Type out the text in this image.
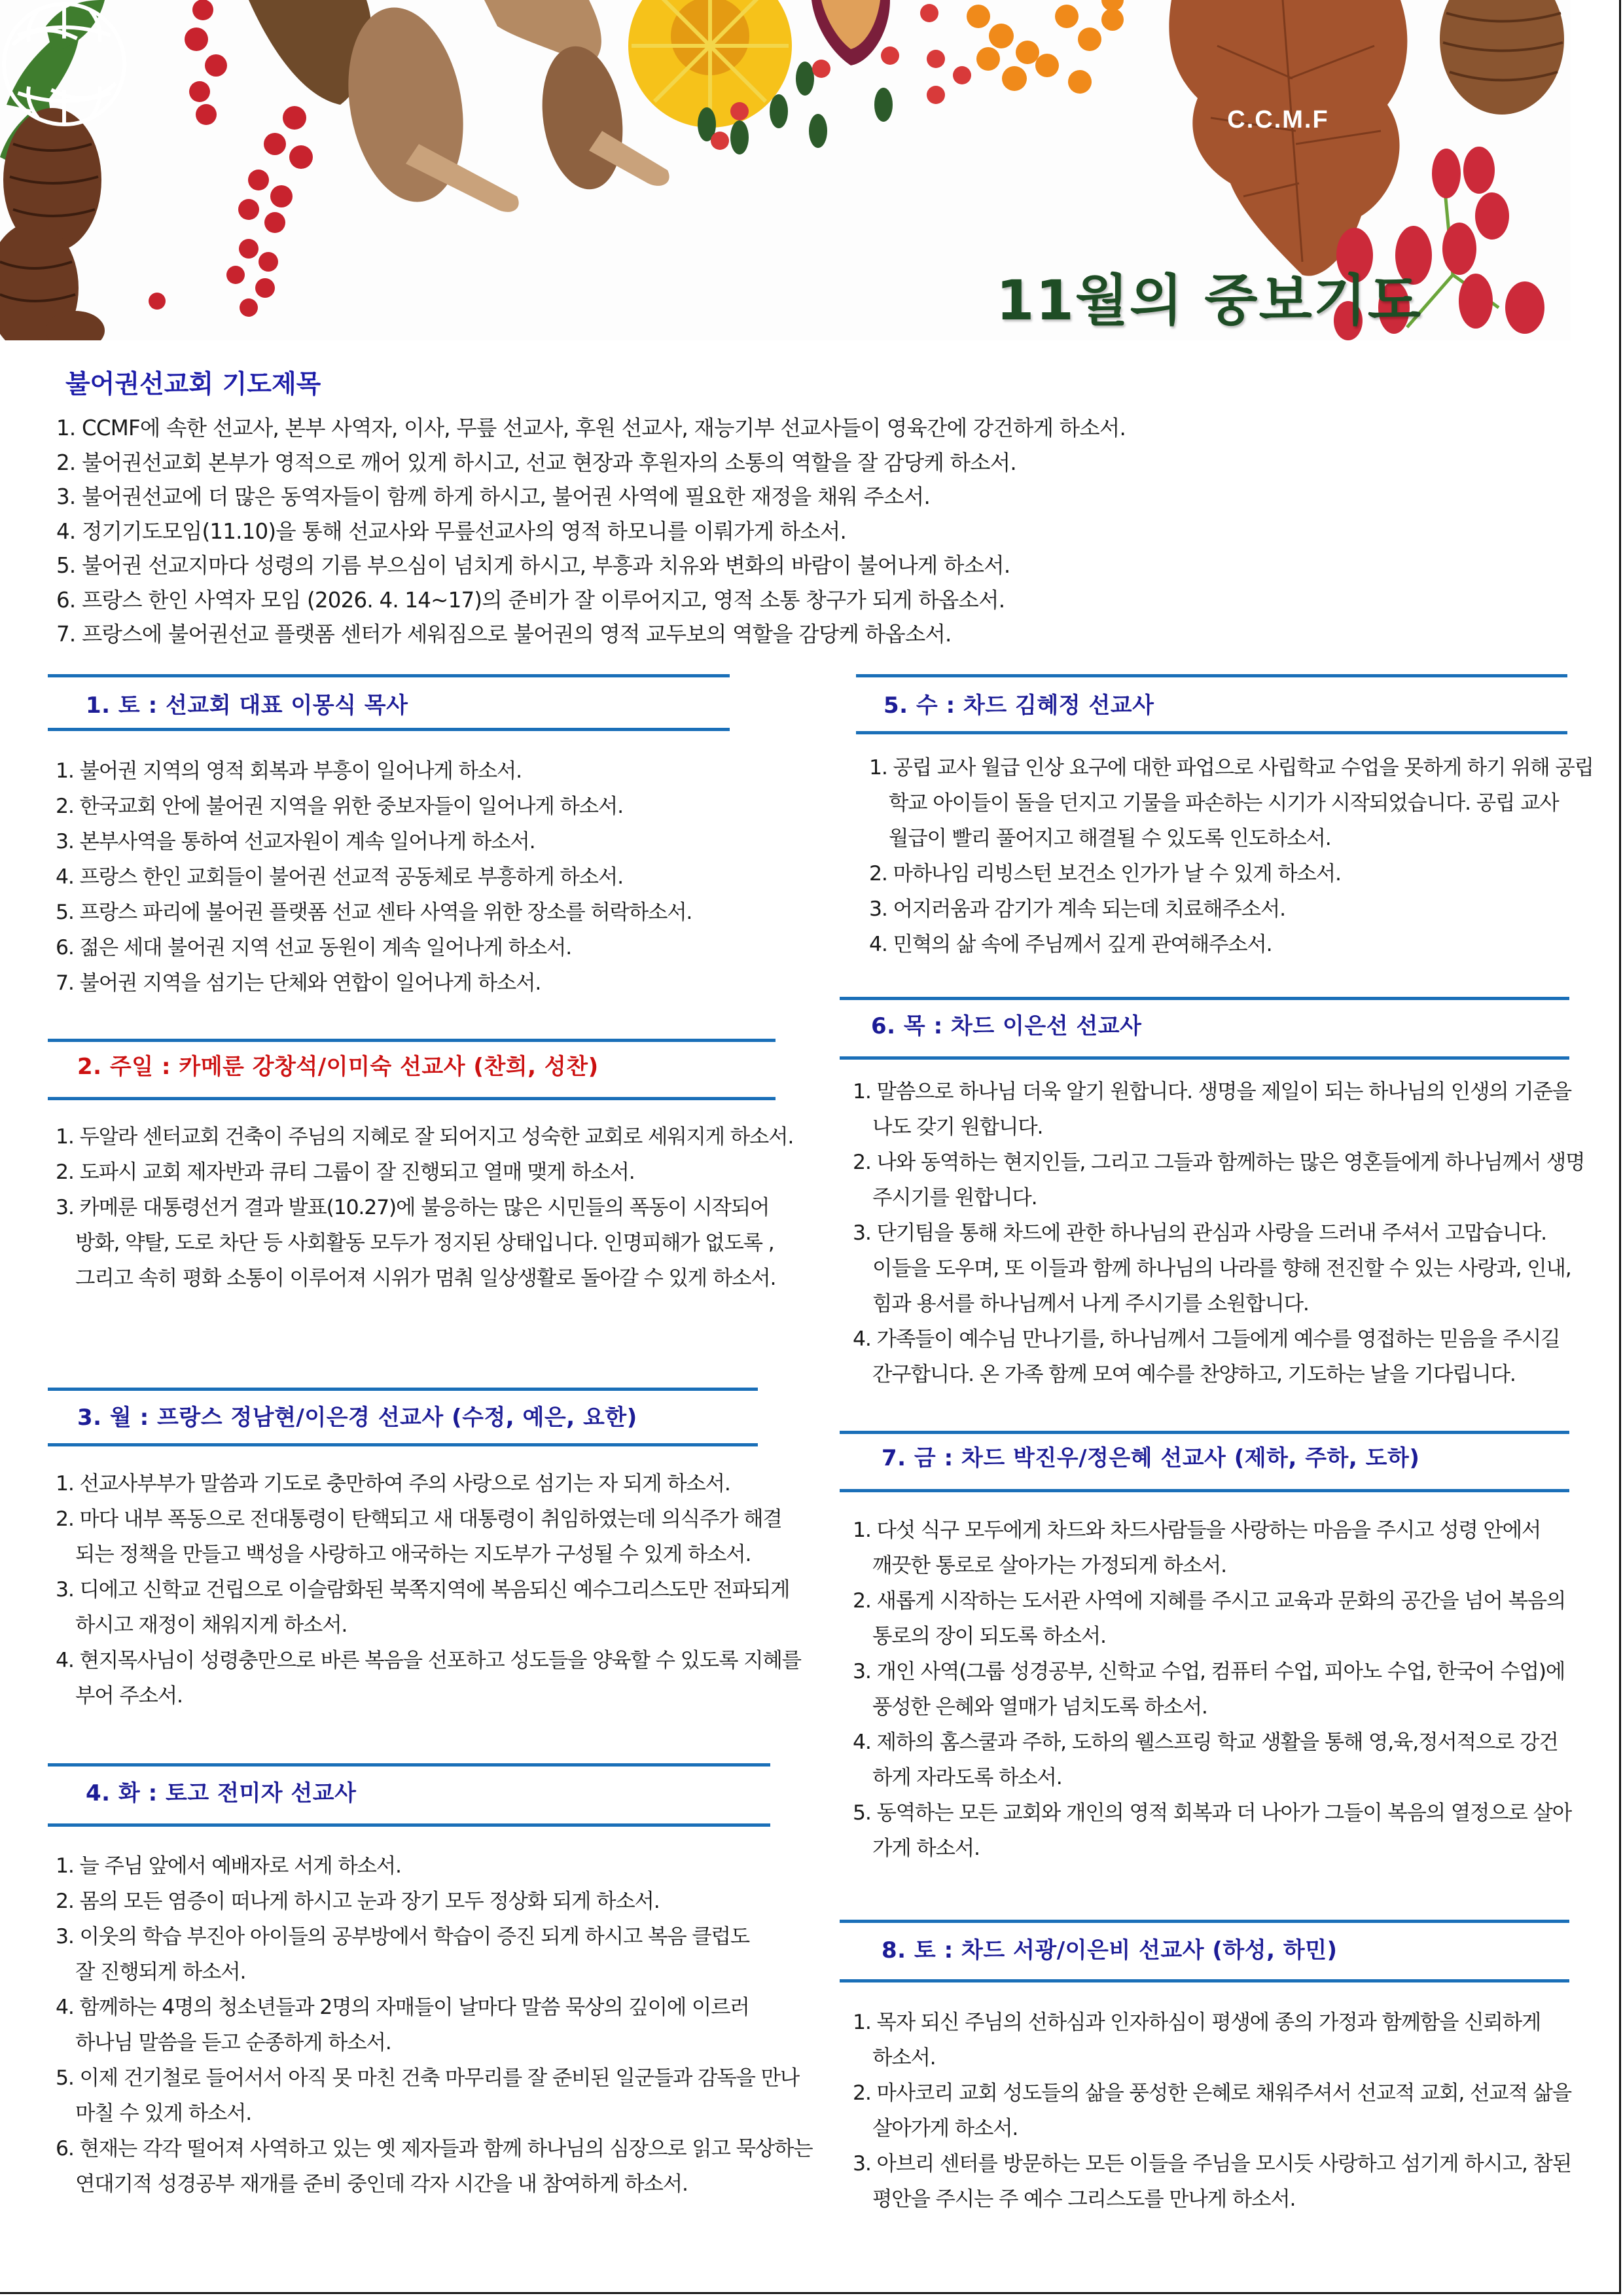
C.C.M.F
11월의 중보기도
불어권선교회 기도제목
1. CCMF에 속한 선교사, 본부 사역자, 이사, 무릎 선교사, 후원 선교사, 재능기부 선교사들이 영육간에 강건하게 하소서.
2. 불어권선교회 본부가 영적으로 깨어 있게 하시고, 선교 현장과 후원자의 소통의 역할을 잘 감당케 하소서.
3. 불어권선교에 더 많은 동역자들이 함께 하게 하시고, 불어권 사역에 필요한 재정을 채워 주소서.
4. 정기기도모임(11.10)을 통해 선교사와 무릎선교사의 영적 하모니를 이뤄가게 하소서.
5. 불어권 선교지마다 성령의 기름 부으심이 넘치게 하시고, 부흥과 치유와 변화의 바람이 불어나게 하소서.
6. 프랑스 한인 사역자 모임 (2026. 4. 14~17)의 준비가 잘 이루어지고, 영적 소통 창구가 되게 하옵소서.
7. 프랑스에 불어권선교 플랫폼 센터가 세워짐으로 불어권의 영적 교두보의 역할을 감당케 하옵소서.
1. 토 : 선교회 대표 이몽식 목사
1. 불어권 지역의 영적 회복과 부흥이 일어나게 하소서.
2. 한국교회 안에 불어권 지역을 위한 중보자들이 일어나게 하소서.
3. 본부사역을 통하여 선교자원이 계속 일어나게 하소서.
4. 프랑스 한인 교회들이 불어권 선교적 공동체로 부흥하게 하소서.
5. 프랑스 파리에 불어권 플랫폼 선교 센타 사역을 위한 장소를 허락하소서.
6. 젊은 세대 불어권 지역 선교 동원이 계속 일어나게 하소서.
7. 불어권 지역을 섬기는 단체와 연합이 일어나게 하소서.
2. 주일 : 카메룬 강창석/이미숙 선교사 (찬희, 성찬)
1. 두알라 센터교회 건축이 주님의 지혜로 잘 되어지고 성숙한 교회로 세워지게 하소서.
2. 도파시 교회 제자반과 큐티 그룹이 잘 진행되고 열매 맺게 하소서.
3. 카메룬 대통령선거 결과 발표(10.27)에 불응하는 많은 시민들의 폭동이 시작되어
방화, 약탈, 도로 차단 등 사회활동 모두가 정지된 상태입니다. 인명피해가 없도록 ,
그리고 속히 평화 소통이 이루어져 시위가 멈춰 일상생활로 돌아갈 수 있게 하소서.
3. 월 : 프랑스 정남현/이은경 선교사 (수정, 예은, 요한)
1. 선교사부부가 말씀과 기도로 충만하여 주의 사랑으로 섬기는 자 되게 하소서.
2. 마다 내부 폭동으로 전대통령이 탄핵되고 새 대통령이 취임하였는데 의식주가 해결
되는 정책을 만들고 백성을 사랑하고 애국하는 지도부가 구성될 수 있게 하소서.
3. 디에고 신학교 건립으로 이슬람화된 북쪽지역에 복음되신 예수그리스도만 전파되게
하시고 재정이 채워지게 하소서.
4. 현지목사님이 성령충만으로 바른 복음을 선포하고 성도들을 양육할 수 있도록 지혜를
부어 주소서.
4. 화 : 토고 전미자 선교사
1. 늘 주님 앞에서 예배자로 서게 하소서.
2. 몸의 모든 염증이 떠나게 하시고 눈과 장기 모두 정상화 되게 하소서.
3. 이웃의 학습 부진아 아이들의 공부방에서 학습이 증진 되게 하시고 복음 클럽도
잘 진행되게 하소서.
4. 함께하는 4명의 청소년들과 2명의 자매들이 날마다 말씀 묵상의 깊이에 이르러
하나님 말씀을 듣고 순종하게 하소서.
5. 이제 건기철로 들어서서 아직 못 마친 건축 마무리를 잘 준비된 일군들과 감독을 만나
마칠 수 있게 하소서.
6. 현재는 각각 떨어져 사역하고 있는 옛 제자들과 함께 하나님의 심장으로 읽고 묵상하는
연대기적 성경공부 재개를 준비 중인데 각자 시간을 내 참여하게 하소서.
5. 수 : 차드 김혜정 선교사
1. 공립 교사 월급 인상 요구에 대한 파업으로 사립학교 수업을 못하게 하기 위해 공립
학교 아이들이 돌을 던지고 기물을 파손하는 시기가 시작되었습니다. 공립 교사
월급이 빨리 풀어지고 해결될 수 있도록 인도하소서.
2. 마하나임 리빙스턴 보건소 인가가 날 수 있게 하소서.
3. 어지러움과 감기가 계속 되는데 치료해주소서.
4. 민혁의 삶 속에 주님께서 깊게 관여해주소서.
6. 목 : 차드 이은선 선교사
1. 말씀으로 하나님 더욱 알기 원합니다. 생명을 제일이 되는 하나님의 인생의 기준을
나도 갖기 원합니다.
2. 나와 동역하는 현지인들, 그리고 그들과 함께하는 많은 영혼들에게 하나님께서 생명
주시기를 원합니다.
3. 단기팀을 통해 차드에 관한 하나님의 관심과 사랑을 드러내 주셔서 고맙습니다.
이들을 도우며, 또 이들과 함께 하나님의 나라를 향해 전진할 수 있는 사랑과, 인내,
힘과 용서를 하나님께서 나게 주시기를 소원합니다.
4. 가족들이 예수님 만나기를, 하나님께서 그들에게 예수를 영접하는 믿음을 주시길
간구합니다. 온 가족 함께 모여 예수를 찬양하고, 기도하는 날을 기다립니다.
7. 금 : 차드 박진우/정은혜 선교사 (제하, 주하, 도하)
1. 다섯 식구 모두에게 차드와 차드사람들을 사랑하는 마음을 주시고 성령 안에서
깨끗한 통로로 살아가는 가정되게 하소서.
2. 새롭게 시작하는 도서관 사역에 지혜를 주시고 교육과 문화의 공간을 넘어 복음의
통로의 장이 되도록 하소서.
3. 개인 사역(그룹 성경공부, 신학교 수업, 컴퓨터 수업, 피아노 수업, 한국어 수업)에
풍성한 은혜와 열매가 넘치도록 하소서.
4. 제하의 홈스쿨과 주하, 도하의 웰스프링 학교 생활을 통해 영,육,정서적으로 강건
하게 자라도록 하소서.
5. 동역하는 모든 교회와 개인의 영적 회복과 더 나아가 그들이 복음의 열정으로 살아
가게 하소서.
8. 토 : 차드 서광/이은비 선교사 (하성, 하민)
1. 목자 되신 주님의 선하심과 인자하심이 평생에 종의 가정과 함께함을 신뢰하게
하소서.
2. 마사코리 교회 성도들의 삶을 풍성한 은혜로 채워주셔서 선교적 교회, 선교적 삶을
살아가게 하소서.
3. 아브리 센터를 방문하는 모든 이들을 주님을 모시듯 사랑하고 섬기게 하시고, 참된
평안을 주시는 주 예수 그리스도를 만나게 하소서.
